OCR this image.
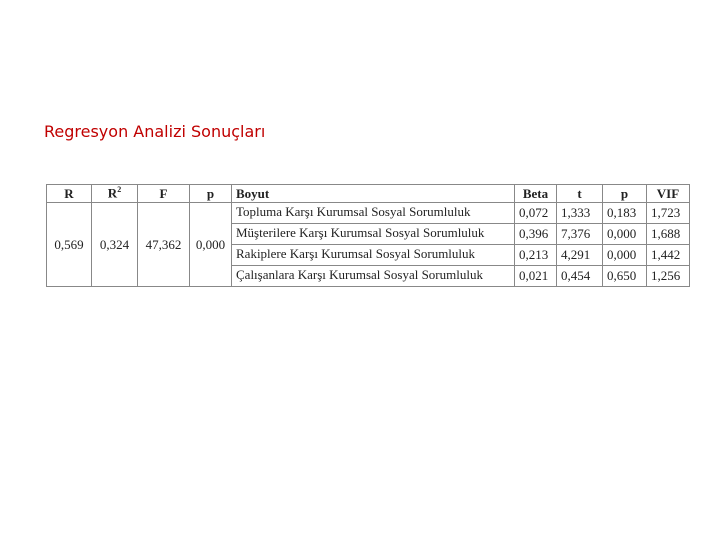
Regresyon Analizi Sonuçları
R	$R^2$	F	p	Boyut	Beta	t	p	VIF
0,569	0,324	47,362	0,000	Topluma Karşı Kurumsal Sosyal Sorumluluk	0,072	1,333	0,183	1,723

				Müşterilere Karşı Kurumsal Sosyal Sorumluluk	0,396	7,376	0,000	1,688

				Rakiplere Karşı Kurumsal Sosyal Sorumluluk	0,213	4,291	0,000	1,442

				Çalışanlara Karşı Kurumsal Sosyal Sorumluluk	0,021	0,454	0,650	1,256
